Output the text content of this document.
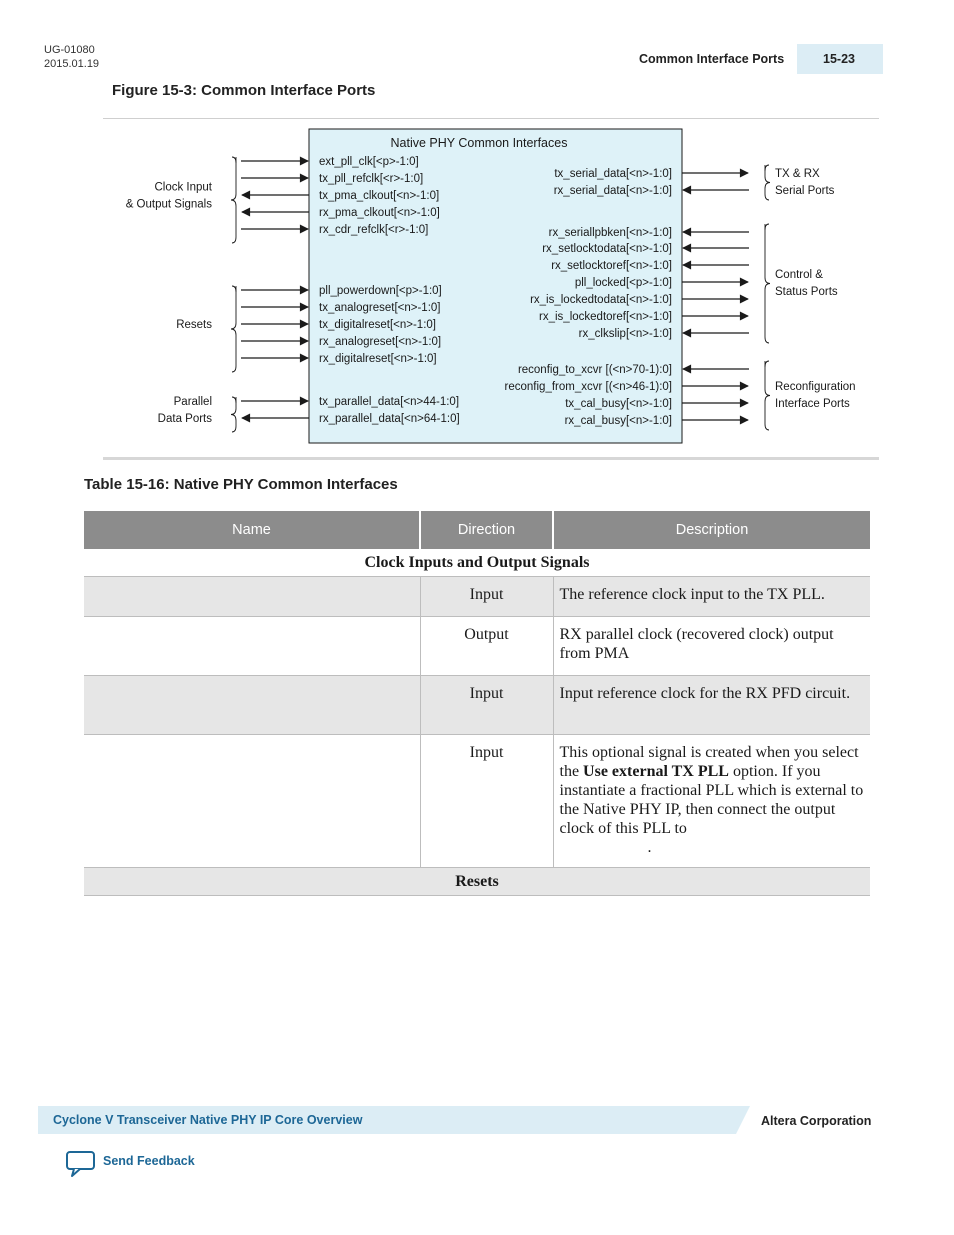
UG-01080
2015.01.19	Common Interface Ports	15-23
Figure 15-3: Common Interface Ports
Native PHY Common Interfaces
ext_pll_clk[<p>-1:0]
tx_pll_refclk[<r>-1:0]
tx_pma_clkout[<n>-1:0]
rx_pma_clkout[<n>-1:0]
rx_cdr_refclk[<r>-1:0]
Clock Input
& Output Signals
pll_powerdown[<p>-1:0]
tx_analogreset[<n>-1:0]
tx_digitalreset[<n>-1:0]
rx_analogreset[<n>-1:0]
rx_digitalreset[<n>-1:0]
Resets
tx_parallel_data[<n>44-1:0]
rx_parallel_data[<n>64-1:0]
Parallel
Data Ports
tx_serial_data[<n>-1:0]
rx_serial_data[<n>-1:0]
TX & RX
Serial Ports
rx_seriallpbken[<n>-1:0]
rx_setlocktodata[<n>-1:0]
rx_setlocktoref[<n>-1:0]
pll_locked[<p>-1:0]
rx_is_lockedtodata[<n>-1:0]
rx_is_lockedtoref[<n>-1:0]
rx_clkslip[<n>-1:0]
Control &
Status Ports
reconfig_to_xcvr [(<n>70-1):0]
reconfig_from_xcvr [(<n>46-1):0]
tx_cal_busy[<n>-1:0]
rx_cal_busy[<n>-1:0]
Reconfiguration
Interface Ports
Table 15-16: Native PHY Common Interfaces
Name	Direction	Description
Clock Inputs and Output Signals		
	Input	The reference clock input to the TX PLL.
	Output	RX parallel clock (recovered clock) output from PMA
	Input	Input reference clock for the RX PFD circuit.
	Input	This optional signal is created when you select the Use external TX PLL option. If you instantiate a fractional PLL which is external to the Native PHY IP, then connect the output clock of this PLL to
.
Resets		
Cyclone V Transceiver Native PHY IP Core Overview	Altera Corporation
Send Feedback
